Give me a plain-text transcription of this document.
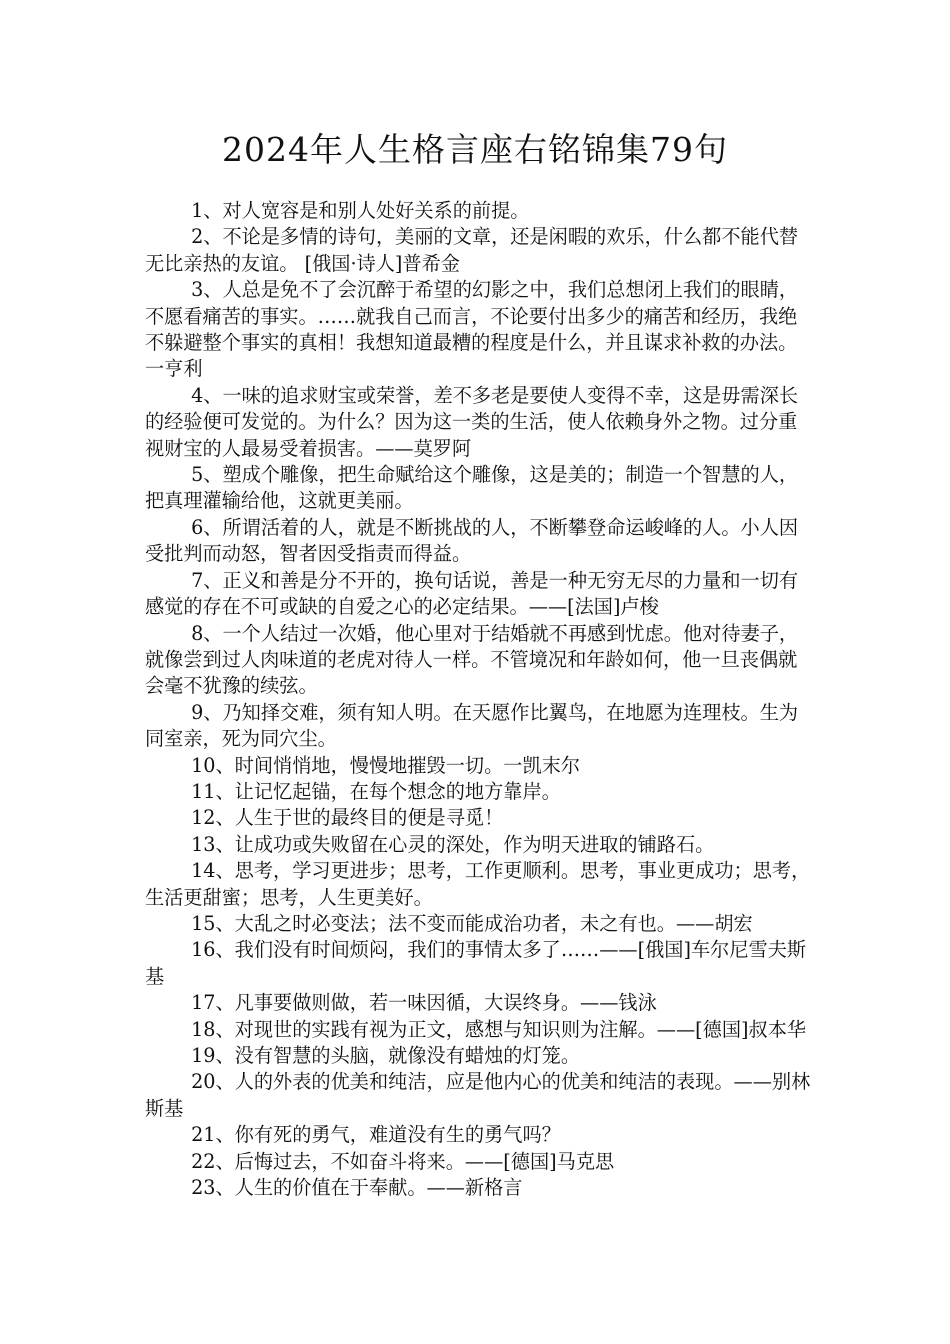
2024年人生格言座右铭锦集79句

1、对人宽容是和别人处好关系的前提。

2、不论是多情的诗句，美丽的文章，还是闲暇的欢乐，什么都不能代替无比亲热的友谊。 [俄国·诗人]普希金

3、人总是免不了会沉醉于希望的幻影之中，我们总想闭上我们的眼睛，不愿看痛苦的事实。……就我自己而言，不论要付出多少的痛苦和经历，我绝不躲避整个事实的真相！我想知道最糟的程度是什么，并且谋求补救的办法。一亨利

4、一味的追求财宝或荣誉，差不多老是要使人变得不幸，这是毋需深长的经验便可发觉的。为什么？因为这一类的生活，使人依赖身外之物。过分重视财宝的人最易受着损害。——莫罗阿

5、塑成个雕像，把生命赋给这个雕像，这是美的；制造一个智慧的人，把真理灌输给他，这就更美丽。

6、所谓活着的人，就是不断挑战的人，不断攀登命运峻峰的人。小人因受批判而动怒，智者因受指责而得益。

7、正义和善是分不开的，换句话说，善是一种无穷无尽的力量和一切有感觉的存在不可或缺的自爱之心的必定结果。——[法国]卢梭

8、一个人结过一次婚，他心里对于结婚就不再感到忧虑。他对待妻子，就像尝到过人肉味道的老虎对待人一样。不管境况和年龄如何，他一旦丧偶就会毫不犹豫的续弦。

9、乃知择交难，须有知人明。在天愿作比翼鸟，在地愿为连理枝。生为同室亲，死为同穴尘。

10、时间悄悄地，慢慢地摧毁一切。一凯末尔

11、让记忆起锚，在每个想念的地方靠岸。

12、人生于世的最终目的便是寻觅！

13、让成功或失败留在心灵的深处，作为明天进取的铺路石。

14、思考，学习更进步；思考，工作更顺利。思考，事业更成功；思考，生活更甜蜜；思考，人生更美好。

15、大乱之时必变法；法不变而能成治功者，未之有也。——胡宏

16、我们没有时间烦闷，我们的事情太多了……——[俄国]车尔尼雪夫斯基

17、凡事要做则做，若一味因循，大误终身。——钱泳

18、对现世的实践有视为正文，感想与知识则为注解。——[德国]叔本华

19、没有智慧的头脑，就像没有蜡烛的灯笼。

20、人的外表的优美和纯洁，应是他内心的优美和纯洁的表现。——别林斯基

21、你有死的勇气，难道没有生的勇气吗？

22、后悔过去，不如奋斗将来。——[德国]马克思

23、人生的价值在于奉献。——新格言
